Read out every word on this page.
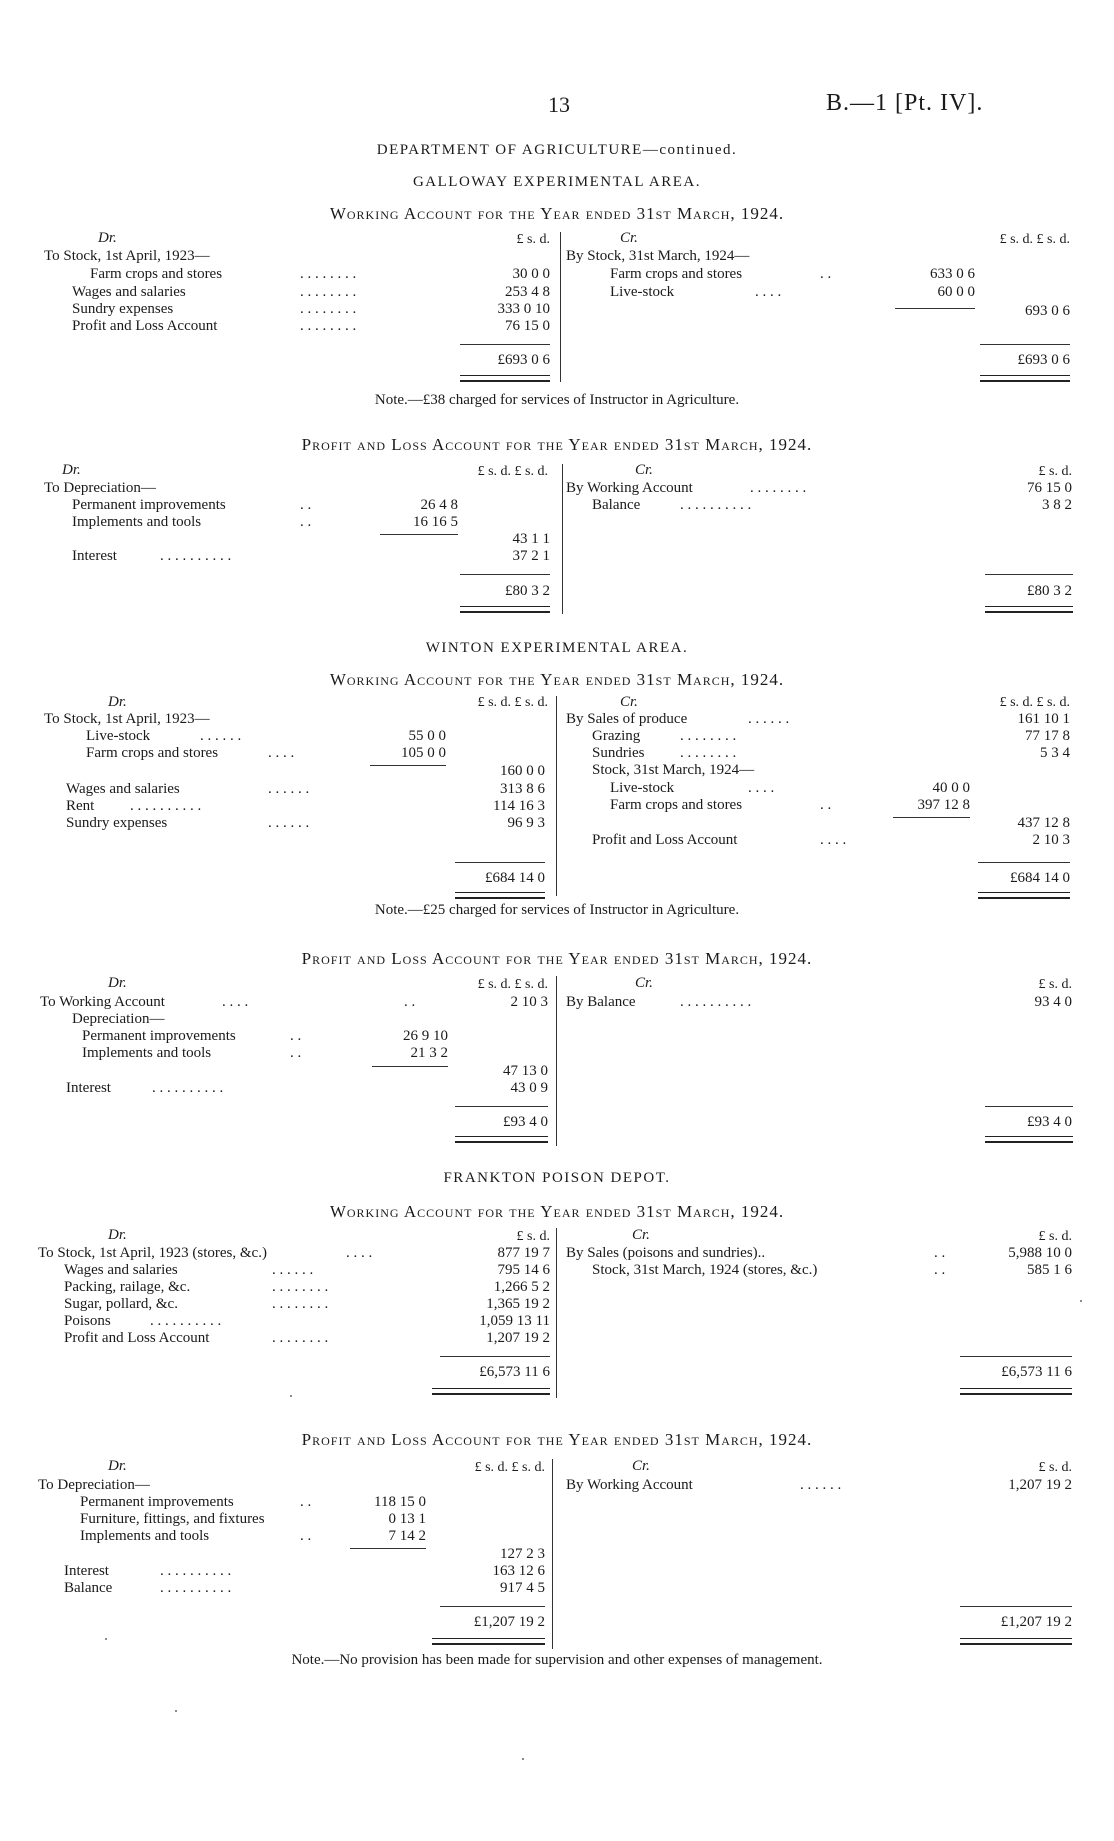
13	B.—1 [Pt. IV].
DEPARTMENT OF AGRICULTURE—continued.
GALLOWAY EXPERIMENTAL AREA.
Working Account for the Year ended 31st March, 1924.
Dr.	£ s. d.	Cr.	£ s. d. £ s. d.
To Stock, 1st April, 1923—
Farm crops and stores	. . . . . . . .	30 0 0
Wages and salaries	. . . . . . . .	253 4 8
Sundry expenses	. . . . . . . .	333 0 10
Profit and Loss Account	. . . . . . . .	76 15 0
£693 0 6
By Stock, 31st March, 1924—
Farm crops and stores	. .	633 0 6
Live-stock	. . . .	60 0 0
693 0 6
£693 0 6
Note.—£38 charged for services of Instructor in Agriculture.
Profit and Loss Account for the Year ended 31st March, 1924.
Dr.	£ s. d. £ s. d.	Cr.	£ s. d.
To Depreciation—
Permanent improvements	. .	26 4 8
Implements and tools	. .	16 16 5
43 1 1
Interest	. . . . . . . . . .	37 2 1
£80 3 2
By Working Account	. . . . . . . .	76 15 0
Balance	. . . . . . . . . .	3 8 2
£80 3 2
WINTON EXPERIMENTAL AREA.
Working Account for the Year ended 31st March, 1924.
Dr.	£ s. d. £ s. d.	Cr.	£ s. d. £ s. d.
To Stock, 1st April, 1923—
Live-stock	. . . . . .	55 0 0
Farm crops and stores	. . . .	105 0 0
160 0 0
Wages and salaries	. . . . . .	313 8 6
Rent . . . . . . . . . .	114 16 3
Sundry expenses	. . . . . .	96 9 3
£684 14 0
By Sales of produce	. . . . . .	161 10 1
Grazing	. . . . . . . .	77 17 8
Sundries . . . . . . . .	5 3 4
Stock, 31st March, 1924—
Live-stock	. . . .	40 0 0
Farm crops and stores	. .	397 12 8
437 12 8
Profit and Loss Account	. . . .	2 10 3
£684 14 0
Note.—£25 charged for services of Instructor in Agriculture.
Profit and Loss Account for the Year ended 31st March, 1924.
Dr.	£ s. d. £ s. d.	Cr.	£ s. d.
To Working Account	. . . .	. .	2 10 3
Depreciation—
Permanent improvements	. .	26 9 10
Implements and tools	. .	21 3 2
47 13 0
Interest	. . . . . . . . . .	43 0 9
£93 4 0
By Balance	. . . . . . . . . .	93 4 0
£93 4 0
FRANKTON POISON DEPOT.
Working Account for the Year ended 31st March, 1924.
Dr.	£ s. d.	Cr.	£ s. d.
To Stock, 1st April, 1923 (stores, &c.)	. . . .	877 19 7
Wages and salaries	. . . . . .	795 14 6
Packing, railage, &c.	. . . . . . . .	1,266 5 2
Sugar, pollard, &c.	. . . . . . . .	1,365 19 2
Poisons	. . . . . . . . . .	1,059 13 11
Profit and Loss Account	. . . . . . . .	1,207 19 2
£6,573 11 6
By Sales (poisons and sundries)..	. .	5,988 10 0
Stock, 31st March, 1924 (stores, &c.)	. .	585 1 6
£6,573 11 6
Profit and Loss Account for the Year ended 31st March, 1924.
Dr.	£ s. d. £ s. d.	Cr.	£ s. d.
To Depreciation—
Permanent improvements	. .	118 15 0
Furniture, fittings, and fixtures	0 13 1
Implements and tools	. .	7 14 2
127 2 3
Interest	. . . . . . . . . .	163 12 6
Balance	. . . . . . . . . .	917 4 5
£1,207 19 2
By Working Account	. . . . . .	1,207 19 2
£1,207 19 2
Note.—No provision has been made for supervision and other expenses of management.
